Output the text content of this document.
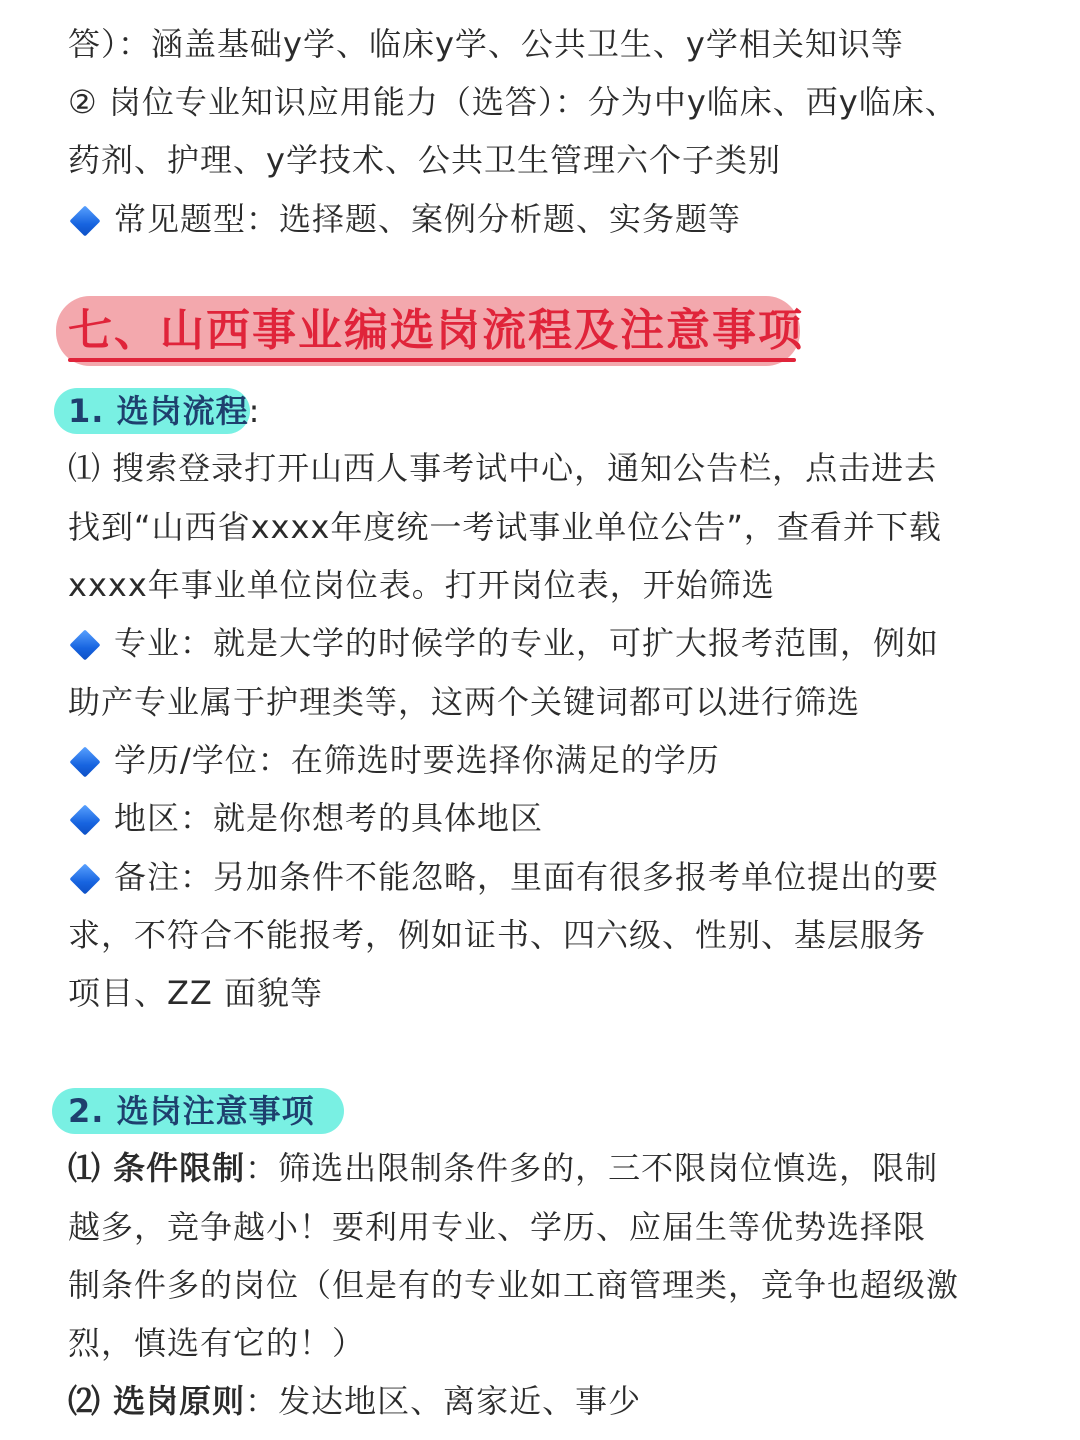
答）：涵盖基础y学、临床y学、公共卫生、y学相关知识等
② 岗位专业知识应用能力（选答）：分为中y临床、西y临床、
药剂、护理、y学技术、公共卫生管理六个子类别
常见题型：选择题、案例分析题、实务题等
七、山西事业编选岗流程及注意事项
1. 选岗流程:
⑴ 搜索登录打开山西人事考试中心，通知公告栏，点击进去
找到“山西省xxxx年度统一考试事业单位公告”，查看并下载
xxxx年事业单位岗位表。打开岗位表，开始筛选
专业：就是大学的时候学的专业，可扩大报考范围，例如
助产专业属于护理类等，这两个关键词都可以进行筛选
学历/学位：在筛选时要选择你满足的学历
地区：就是你想考的具体地区
备注：另加条件不能忽略，里面有很多报考单位提出的要
求，不符合不能报考，例如证书、四六级、性别、基层服务
项目、ZZ 面貌等
2. 选岗注意事项
⑴ 条件限制：筛选出限制条件多的，三不限岗位慎选，限制
越多，竞争越小！要利用专业、学历、应届生等优势选择限
制条件多的岗位（但是有的专业如工商管理类，竞争也超级激
烈，慎选有它的！）
⑵ 选岗原则：发达地区、离家近、事少
